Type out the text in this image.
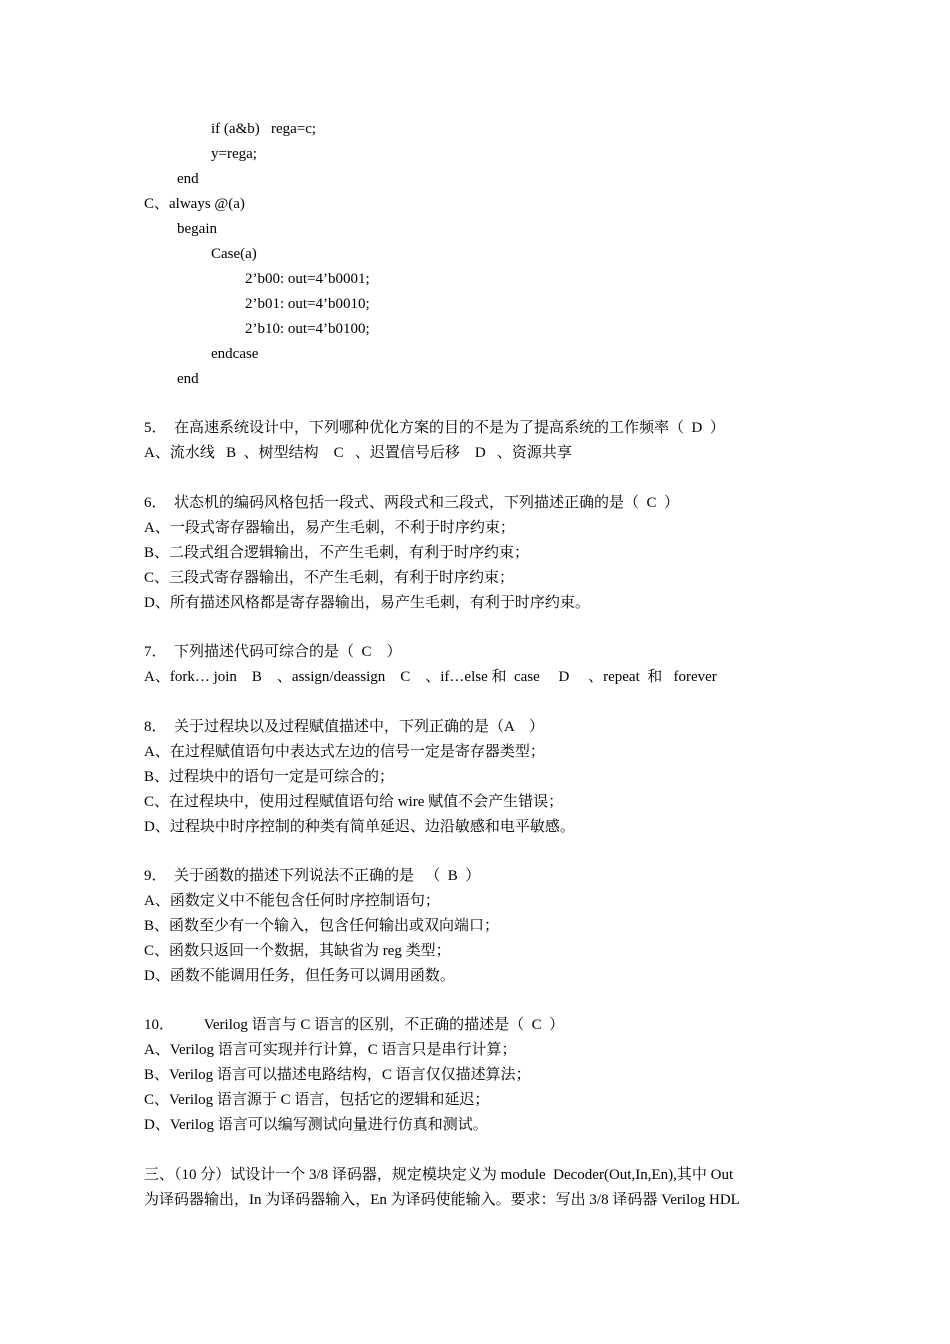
if (a&b)   rega=c;
y=rega;
end
C、always @(a)
begain
Case(a)
2’b00: out=4’b0001;
2’b01: out=4’b0010;
2’b10: out=4’b0100;
endcase
end
5．  在高速系统设计中，下列哪种优化方案的目的不是为了提高系统的工作频率（  D  ）
A、流水线   B  、树型结构    C   、迟置信号后移    D   、资源共享
6．  状态机的编码风格包括一段式、两段式和三段式，下列描述正确的是（  C  ）
A、一段式寄存器输出，易产生毛刺，不利于时序约束；
B、二段式组合逻辑输出，不产生毛刺，有利于时序约束；
C、三段式寄存器输出，不产生毛刺，有利于时序约束；
D、所有描述风格都是寄存器输出，易产生毛刺，有利于时序约束。
7．  下列描述代码可综合的是（  C    ）
A、fork… join    B    、assign/deassign    C    、if…else 和  case     D     、repeat  和   forever
8．  关于过程块以及过程赋值描述中，下列正确的是（A    ）
A、在过程赋值语句中表达式左边的信号一定是寄存器类型；
B、过程块中的语句一定是可综合的；
C、在过程块中，使用过程赋值语句给 wire 赋值不会产生错误；
D、过程块中时序控制的种类有简单延迟、边沿敏感和电平敏感。
9．  关于函数的描述下列说法不正确的是   （  B  ）
A、函数定义中不能包含任何时序控制语句；
B、函数至少有一个输入，包含任何输出或双向端口；
C、函数只返回一个数据，其缺省为 reg 类型；
D、函数不能调用任务，但任务可以调用函数。
10．        Verilog 语言与 C 语言的区别，不正确的描述是（  C  ）
A、Verilog 语言可实现并行计算，C 语言只是串行计算；
B、Verilog 语言可以描述电路结构，C 语言仅仅描述算法；
C、Verilog 语言源于 C 语言，包括它的逻辑和延迟；
D、Verilog 语言可以编写测试向量进行仿真和测试。
三、（10 分）试设计一个 3/8 译码器，规定模块定义为 module  Decoder(Out,In,En),其中 Out
为译码器输出，In 为译码器输入，En 为译码使能输入。要求：写出 3/8 译码器 Verilog HDL
